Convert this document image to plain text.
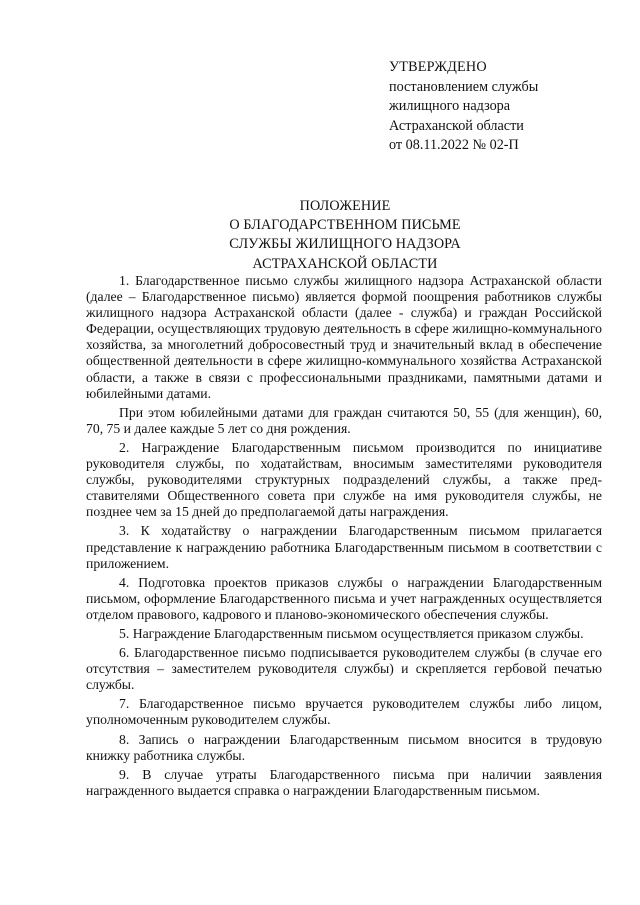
УТВЕРЖДЕНО
постановлением службы
жилищного надзора
Астраханской области
от 08.11.2022 № 02-П
ПОЛОЖЕНИЕ
О БЛАГОДАРСТВЕННОМ ПИСЬМЕ
СЛУЖБЫ ЖИЛИЩНОГО НАДЗОРА
АСТРАХАНСКОЙ ОБЛАСТИ

1. Благодарственное письмо службы жилищного надзора Астраханской области (далее – Благодарственное письмо) является формой поощрения работников службы жилищного надзора Астраханской области (далее - служба) и граждан Российской Федерации, осуществляющих трудовую деятельность в сфере жилищно-коммунального хозяйства, за многолетний добросовестный труд и значительный вклад в обеспечение общественной деятельности в сфере жилищно-коммунального хозяйства Астраханской области, а также в связи с профессиональными праздниками, памятными датами и юбилейными датами.

При этом юбилейными датами для граждан считаются 50, 55 (для женщин), 60, 70, 75 и далее каждые 5 лет со дня рождения.

2. Награждение Благодарственным письмом производится по инициативе руководителя службы, по ходатайствам, вносимым заместителями руководителя службы, руководителями структурных подразделений службы, а также представителями Общественного совета при службе на имя руководителя службы, не позднее чем за 15 дней до предполагаемой даты награждения.

3. К ходатайству о награждении Благодарственным письмом прилагается представление к награждению работника Благодарственным письмом в соответствии с приложением.

4. Подготовка проектов приказов службы о награждении Благодарственным письмом, оформление Благодарственного письма и учет награжденных осуществляется отделом правового, кадрового и планово-экономического обеспечения службы.

5. Награждение Благодарственным письмом осуществляется приказом службы.

6. Благодарственное письмо подписывается руководителем службы (в случае его отсутствия – заместителем руководителя службы) и скрепляется гербовой печатью службы.

7. Благодарственное письмо вручается руководителем службы либо лицом, уполномоченным руководителем службы.

8. Запись о награждении Благодарственным письмом вносится в трудовую книжку работника службы.

9. В случае утраты Благодарственного письма при наличии заявления награжденного выдается справка о награждении Благодарственным письмом.
